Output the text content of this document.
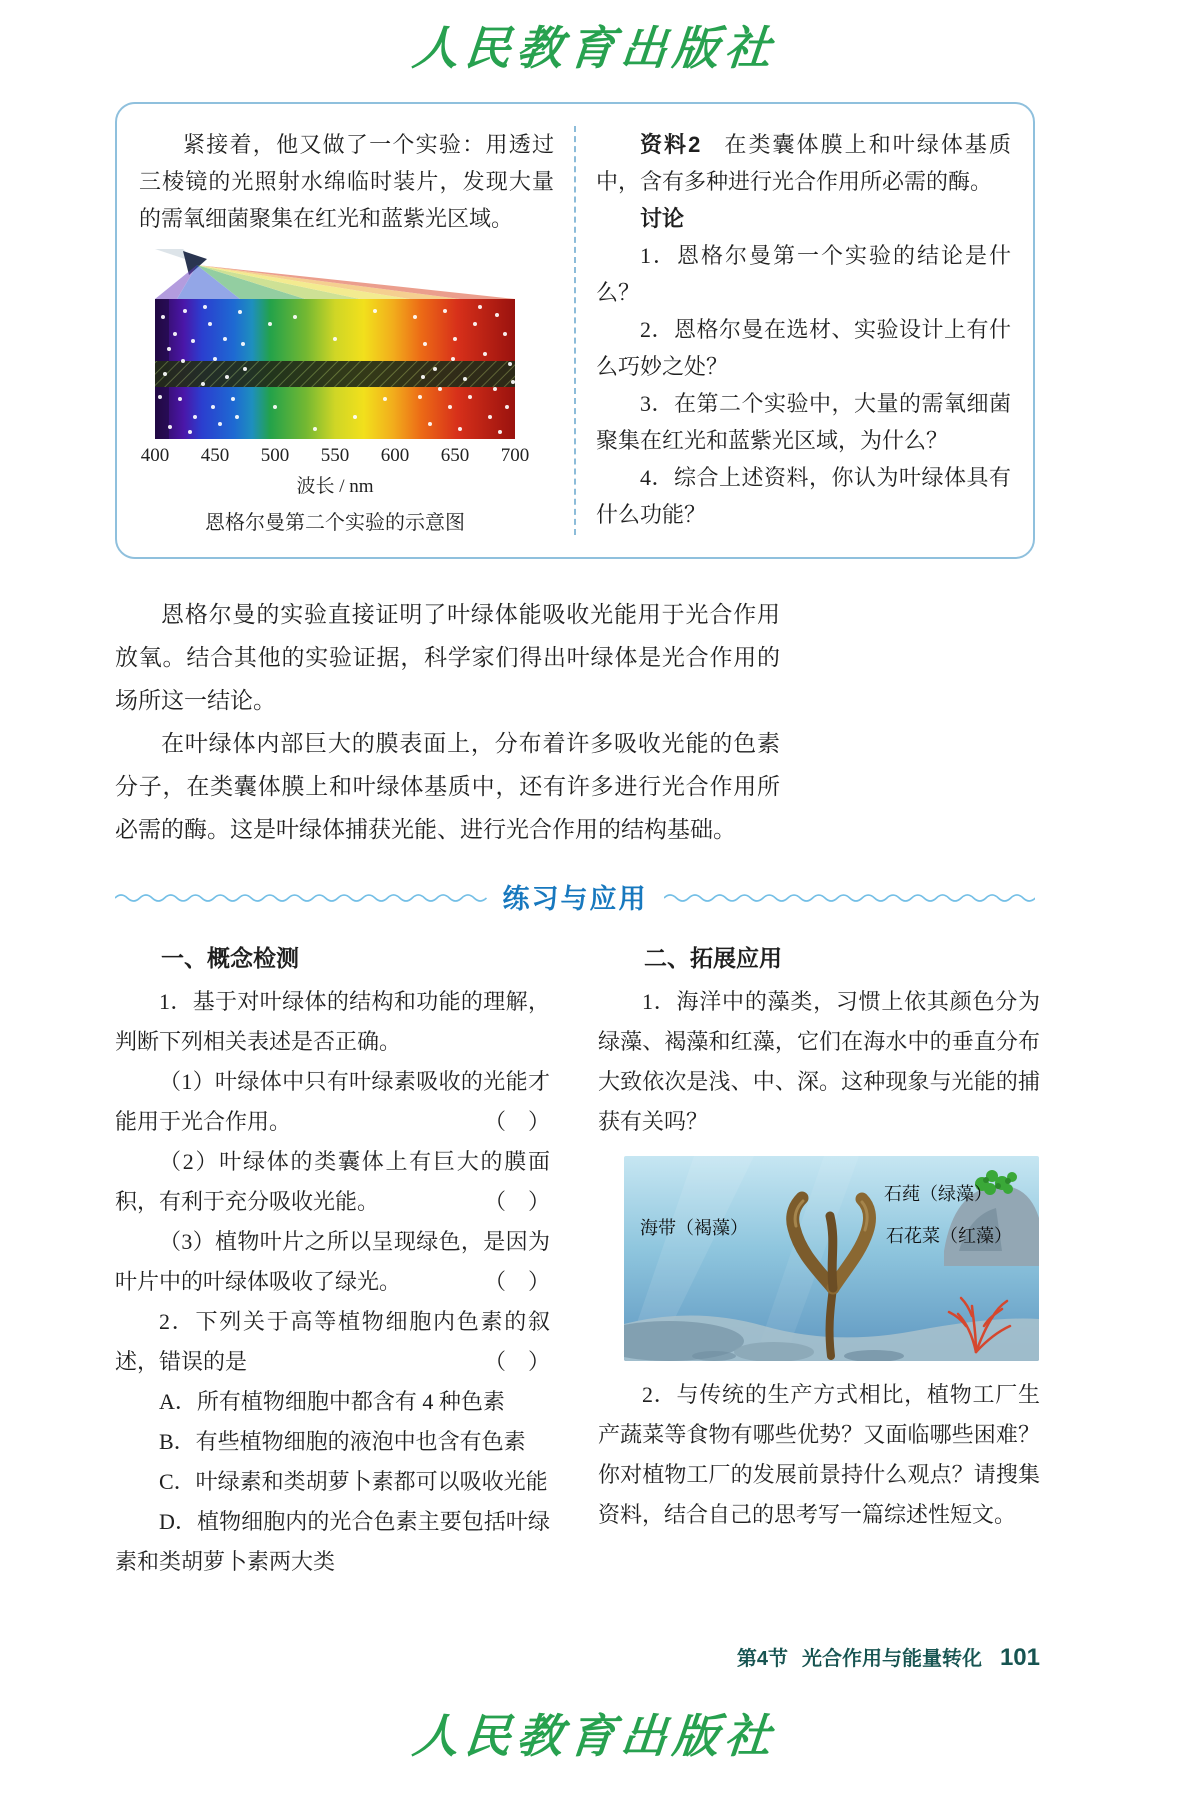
人民教育出版社

紧接着，他又做了一个实验：用透过三棱镜的光照射水绵临时装片，发现大量的需氧细菌聚集在红光和蓝紫光区域。

400 450 500 550 600 650 700
波长 / nm
恩格尔曼第二个实验的示意图

资料2 在类囊体膜上和叶绿体基质中，含有多种进行光合作用所必需的酶。

讨论

1．恩格尔曼第一个实验的结论是什么？

2．恩格尔曼在选材、实验设计上有什么巧妙之处？

3．在第二个实验中，大量的需氧细菌聚集在红光和蓝紫光区域，为什么？

4．综合上述资料，你认为叶绿体具有什么功能？

恩格尔曼的实验直接证明了叶绿体能吸收光能用于光合作用放氧。结合其他的实验证据，科学家们得出叶绿体是光合作用的场所这一结论。

在叶绿体内部巨大的膜表面上，分布着许多吸收光能的色素分子，在类囊体膜上和叶绿体基质中，还有许多进行光合作用所必需的酶。这是叶绿体捕获光能、进行光合作用的结构基础。

练习与应用

一、概念检测

1．基于对叶绿体的结构和功能的理解，判断下列相关表述是否正确。

（1）叶绿体中只有叶绿素吸收的光能才能用于光合作用。	（　）

（2）叶绿体的类囊体上有巨大的膜面积，有利于充分吸收光能。	（　）

（3）植物叶片之所以呈现绿色，是因为叶片中的叶绿体吸收了绿光。	（　）

2．下列关于高等植物细胞内色素的叙述，错误的是	（　）

A．所有植物细胞中都含有 4 种色素

B．有些植物细胞的液泡中也含有色素

C．叶绿素和类胡萝卜素都可以吸收光能

D．植物细胞内的光合色素主要包括叶绿素和类胡萝卜素两大类

二、拓展应用

1．海洋中的藻类，习惯上依其颜色分为绿藻、褐藻和红藻，它们在海水中的垂直分布大致依次是浅、中、深。这种现象与光能的捕获有关吗？

海带（褐藻）
石莼（绿藻）
石花菜（红藻）

2．与传统的生产方式相比，植物工厂生产蔬菜等食物有哪些优势？又面临哪些困难？你对植物工厂的发展前景持什么观点？请搜集资料，结合自己的思考写一篇综述性短文。

第4节 光合作用与能量转化 101
人民教育出版社
